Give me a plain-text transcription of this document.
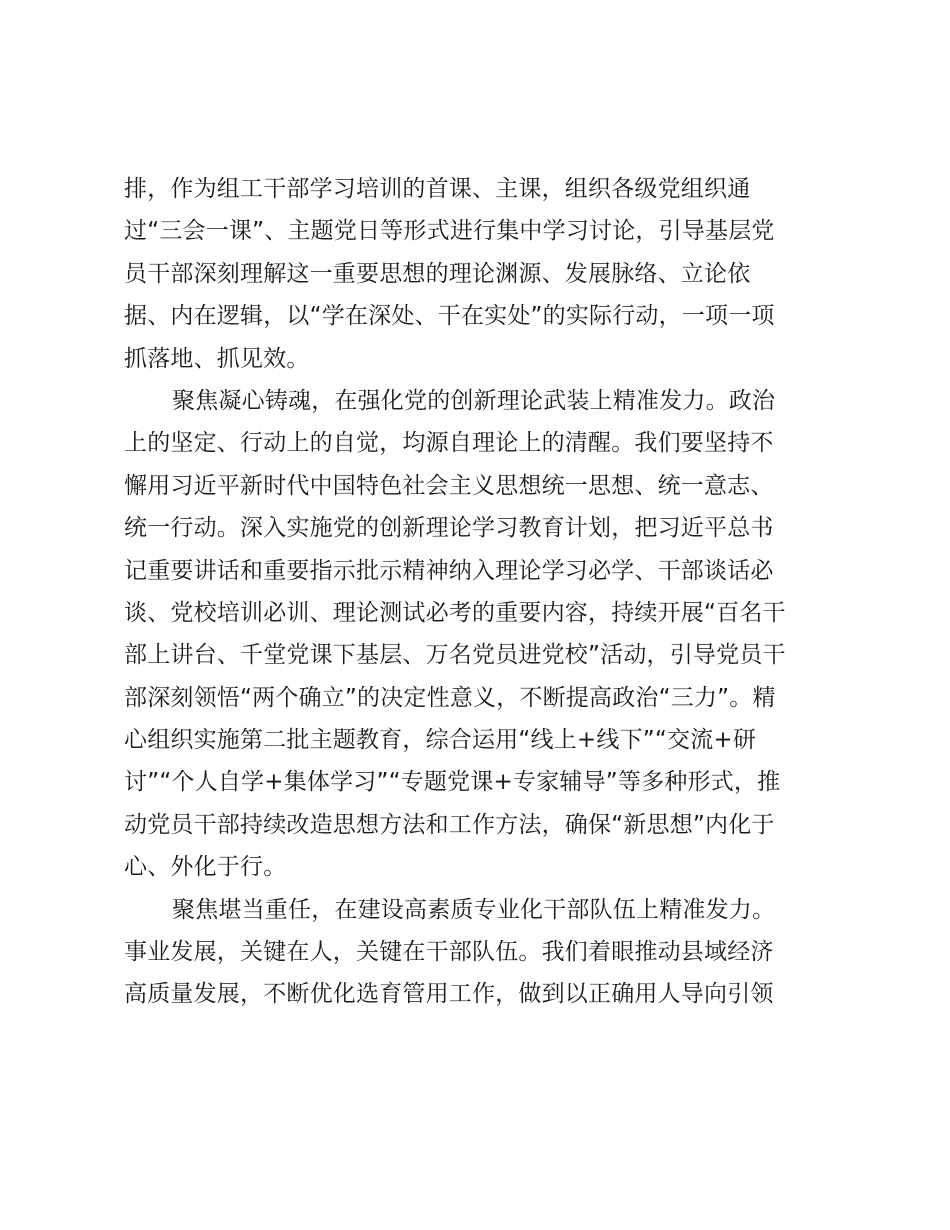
排，作为组工干部学习培训的首课、主课，组织各级党组织通
过“三会一课”、主题党日等形式进行集中学习讨论，引导基层党
员干部深刻理解这一重要思想的理论渊源、发展脉络、立论依
据、内在逻辑，以“学在深处、干在实处”的实际行动，一项一项
抓落地、抓见效。
聚焦凝心铸魂，在强化党的创新理论武装上精准发力。政治
上的坚定、行动上的自觉，均源自理论上的清醒。我们要坚持不
懈用习近平新时代中国特色社会主义思想统一思想、统一意志、
统一行动。深入实施党的创新理论学习教育计划，把习近平总书
记重要讲话和重要指示批示精神纳入理论学习必学、干部谈话必
谈、党校培训必训、理论测试必考的重要内容，持续开展“百名干
部上讲台、千堂党课下基层、万名党员进党校”活动，引导党员干
部深刻领悟“两个确立”的决定性意义，不断提高政治“三力”。精
心组织实施第二批主题教育，综合运用“线上+线下”“交流+研
讨”“个人自学+集体学习”“专题党课+专家辅导”等多种形式，推
动党员干部持续改造思想方法和工作方法，确保“新思想”内化于
心、外化于行。
聚焦堪当重任，在建设高素质专业化干部队伍上精准发力。
事业发展，关键在人，关键在干部队伍。我们着眼推动县域经济
高质量发展，不断优化选育管用工作，做到以正确用人导向引领
